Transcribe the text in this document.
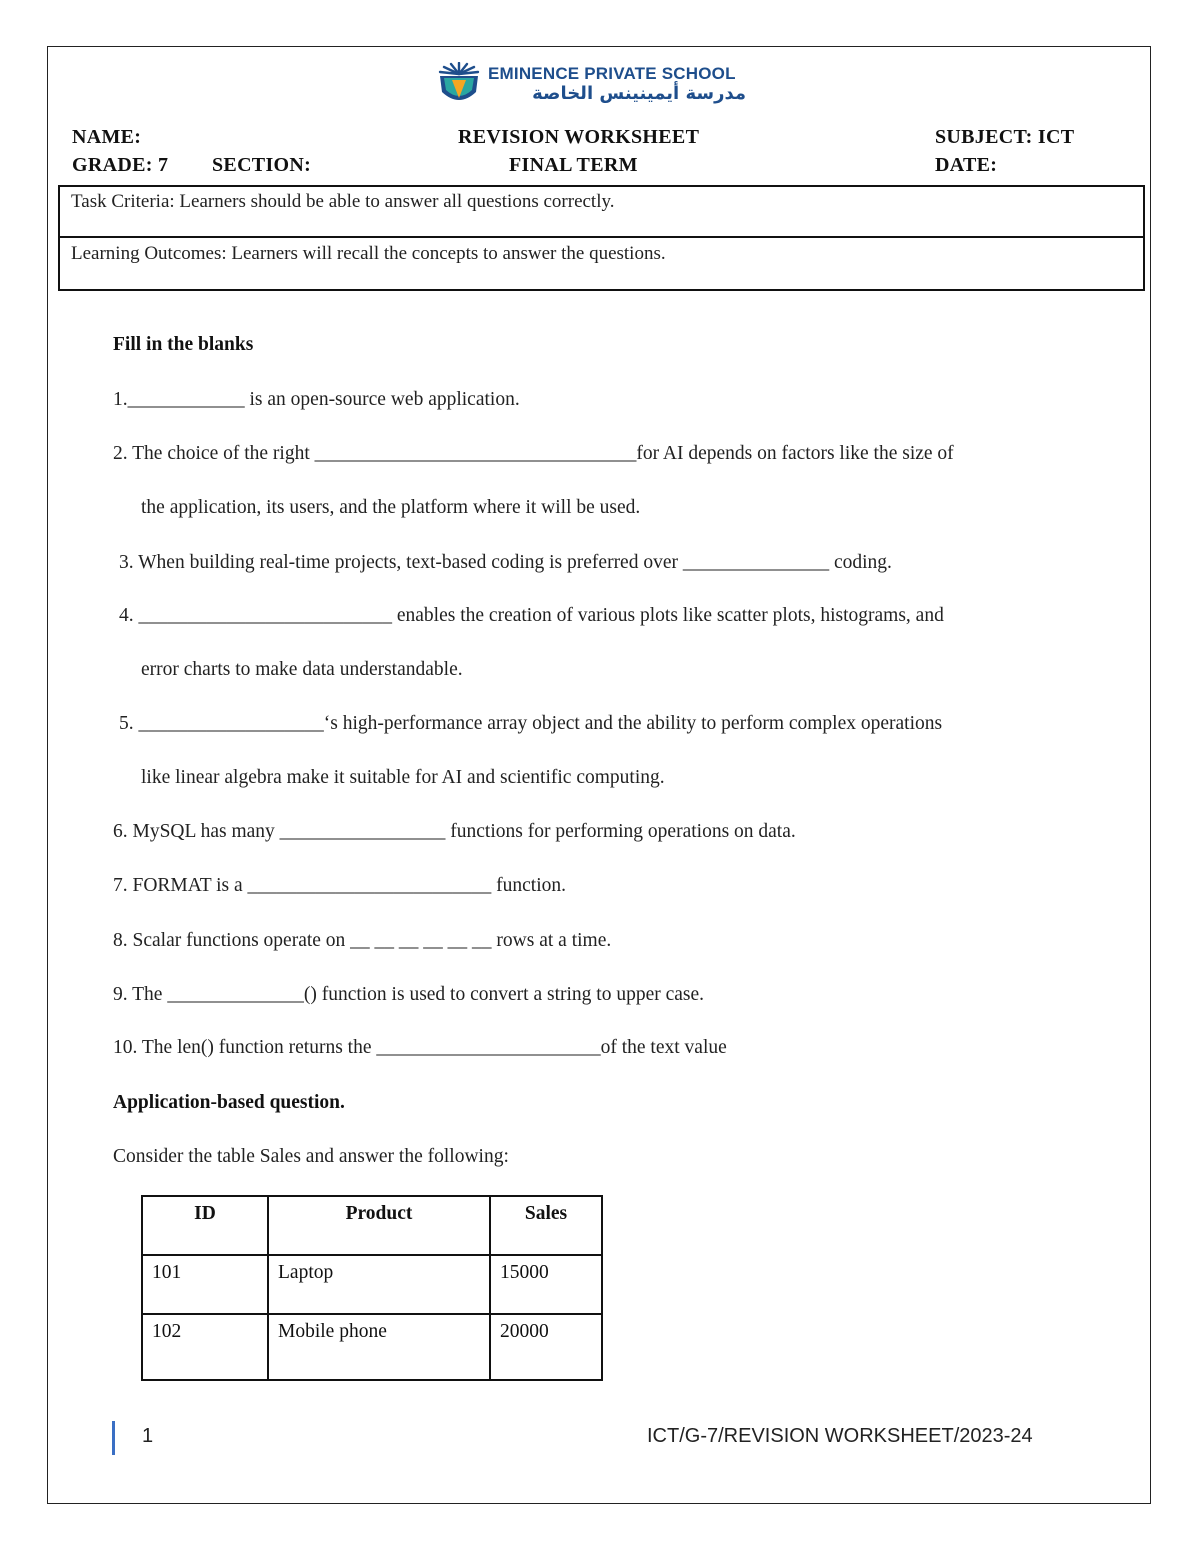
EMINENCE PRIVATE SCHOOL
مدرسة أيمينينس الخاصة
NAME:
GRADE: 7 SECTION:
REVISION WORKSHEET
FINAL TERM
SUBJECT: ICT
DATE:
Task Criteria: Learners should be able to answer all questions correctly.
Learning Outcomes: Learners will recall the concepts to answer the questions.
Fill in the blanks
1.____________ is an open-source web application.
2. The choice of the right _________________________________for AI depends on factors like the size of
the application, its users, and the platform where it will be used.
3. When building real-time projects, text-based coding is preferred over _______________ coding.
4. __________________________ enables the creation of various plots like scatter plots, histograms, and
error charts to make data understandable.
5. ___________________‘s high-performance array object and the ability to perform complex operations
like linear algebra make it suitable for AI and scientific computing.
6. MySQL has many _________________ functions for performing operations on data.
7. FORMAT is a _________________________ function.
8. Scalar functions operate on __ __ __ __ __ __ rows at a time.
9. The ______________() function is used to convert a string to upper case.
10. The len() function returns the _______________________of the text value
Application-based question.
Consider the table Sales and answer the following:
ID	Product	Sales
101	Laptop	15000
102	Mobile phone	20000
1	ICT/G-7/REVISION WORKSHEET/2023-24
